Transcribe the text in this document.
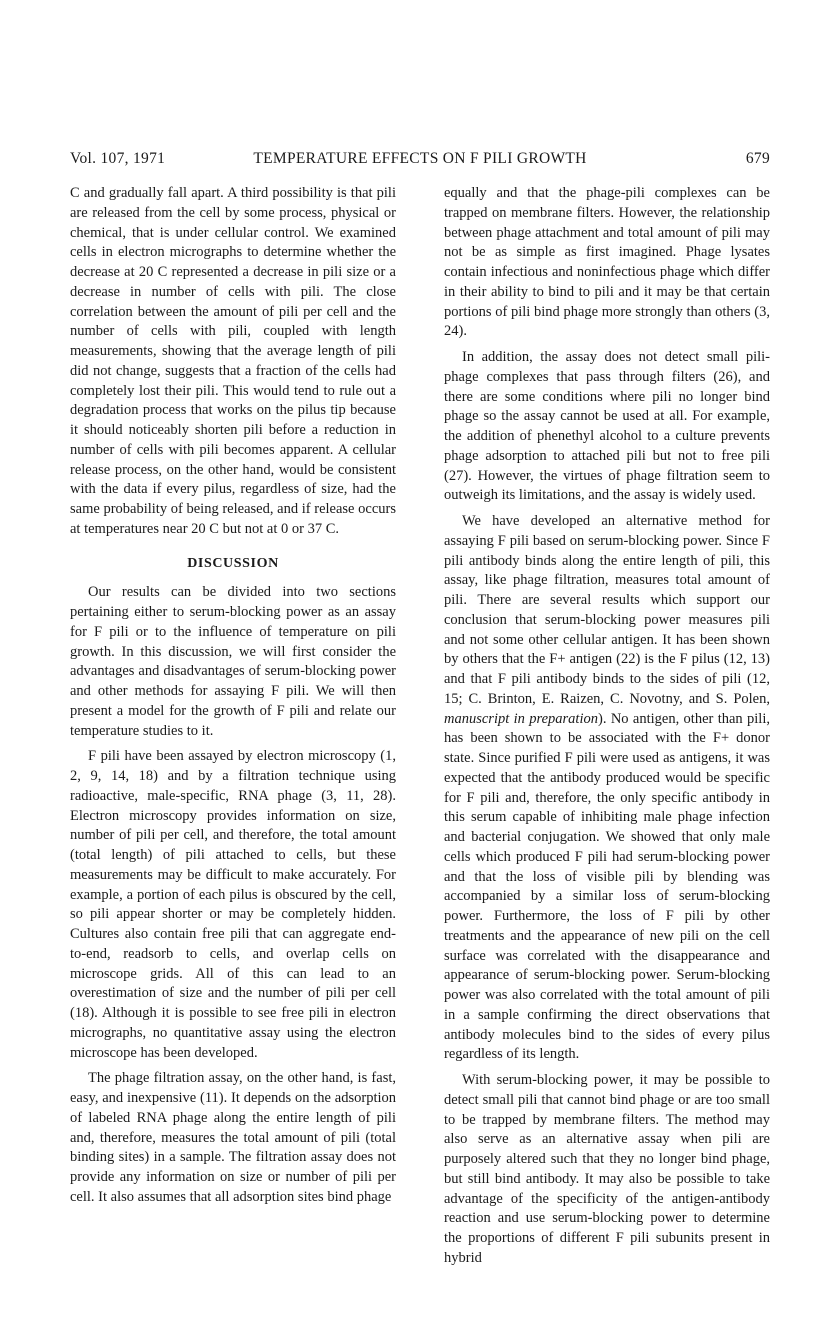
Vol. 107, 1971	TEMPERATURE EFFECTS ON F PILI GROWTH	679

C and gradually fall apart. A third possibility is that pili are released from the cell by some process, physical or chemical, that is under cellular control. We examined cells in electron micrographs to determine whether the decrease at 20 C represented a decrease in pili size or a decrease in number of cells with pili. The close correlation between the amount of pili per cell and the number of cells with pili, coupled with length measurements, showing that the average length of pili did not change, suggests that a fraction of the cells had completely lost their pili. This would tend to rule out a degradation process that works on the pilus tip because it should noticeably shorten pili before a reduction in number of cells with pili becomes apparent. A cellular release process, on the other hand, would be consistent with the data if every pilus, regardless of size, had the same probability of being released, and if release occurs at temperatures near 20 C but not at 0 or 37 C.

DISCUSSION

Our results can be divided into two sections pertaining either to serum-blocking power as an assay for F pili or to the influence of temperature on pili growth. In this discussion, we will first consider the advantages and disadvantages of serum-blocking power and other methods for assaying F pili. We will then present a model for the growth of F pili and relate our temperature studies to it.

F pili have been assayed by electron microscopy (1, 2, 9, 14, 18) and by a filtration technique using radioactive, male-specific, RNA phage (3, 11, 28). Electron microscopy provides information on size, number of pili per cell, and therefore, the total amount (total length) of pili attached to cells, but these measurements may be difficult to make accurately. For example, a portion of each pilus is obscured by the cell, so pili appear shorter or may be completely hidden. Cultures also contain free pili that can aggregate end-to-end, readsorb to cells, and overlap cells on microscope grids. All of this can lead to an overestimation of size and the number of pili per cell (18). Although it is possible to see free pili in electron micrographs, no quantitative assay using the electron microscope has been developed.

The phage filtration assay, on the other hand, is fast, easy, and inexpensive (11). It depends on the adsorption of labeled RNA phage along the entire length of pili and, therefore, measures the total amount of pili (total binding sites) in a sample. The filtration assay does not provide any information on size or number of pili per cell. It also assumes that all adsorption sites bind phage

equally and that the phage-pili complexes can be trapped on membrane filters. However, the relationship between phage attachment and total amount of pili may not be as simple as first imagined. Phage lysates contain infectious and noninfectious phage which differ in their ability to bind to pili and it may be that certain portions of pili bind phage more strongly than others (3, 24).

In addition, the assay does not detect small pili-phage complexes that pass through filters (26), and there are some conditions where pili no longer bind phage so the assay cannot be used at all. For example, the addition of phenethyl alcohol to a culture prevents phage adsorption to attached pili but not to free pili (27). However, the virtues of phage filtration seem to outweigh its limitations, and the assay is widely used.

We have developed an alternative method for assaying F pili based on serum-blocking power. Since F pili antibody binds along the entire length of pili, this assay, like phage filtration, measures total amount of pili. There are several results which support our conclusion that serum-blocking power measures pili and not some other cellular antigen. It has been shown by others that the F+ antigen (22) is the F pilus (12, 13) and that F pili antibody binds to the sides of pili (12, 15; C. Brinton, E. Raizen, C. Novotny, and S. Polen, manuscript in preparation). No antigen, other than pili, has been shown to be associated with the F+ donor state. Since purified F pili were used as antigens, it was expected that the antibody produced would be specific for F pili and, therefore, the only specific antibody in this serum capable of inhibiting male phage infection and bacterial conjugation. We showed that only male cells which produced F pili had serum-blocking power and that the loss of visible pili by blending was accompanied by a similar loss of serum-blocking power. Furthermore, the loss of F pili by other treatments and the appearance of new pili on the cell surface was correlated with the disappearance and appearance of serum-blocking power. Serum-blocking power was also correlated with the total amount of pili in a sample confirming the direct observations that antibody molecules bind to the sides of every pilus regardless of its length.

With serum-blocking power, it may be possible to detect small pili that cannot bind phage or are too small to be trapped by membrane filters. The method may also serve as an alternative assay when pili are purposely altered such that they no longer bind phage, but still bind antibody. It may also be possible to take advantage of the specificity of the antigen-antibody reaction and use serum-blocking power to determine the proportions of different F pili subunits present in hybrid
